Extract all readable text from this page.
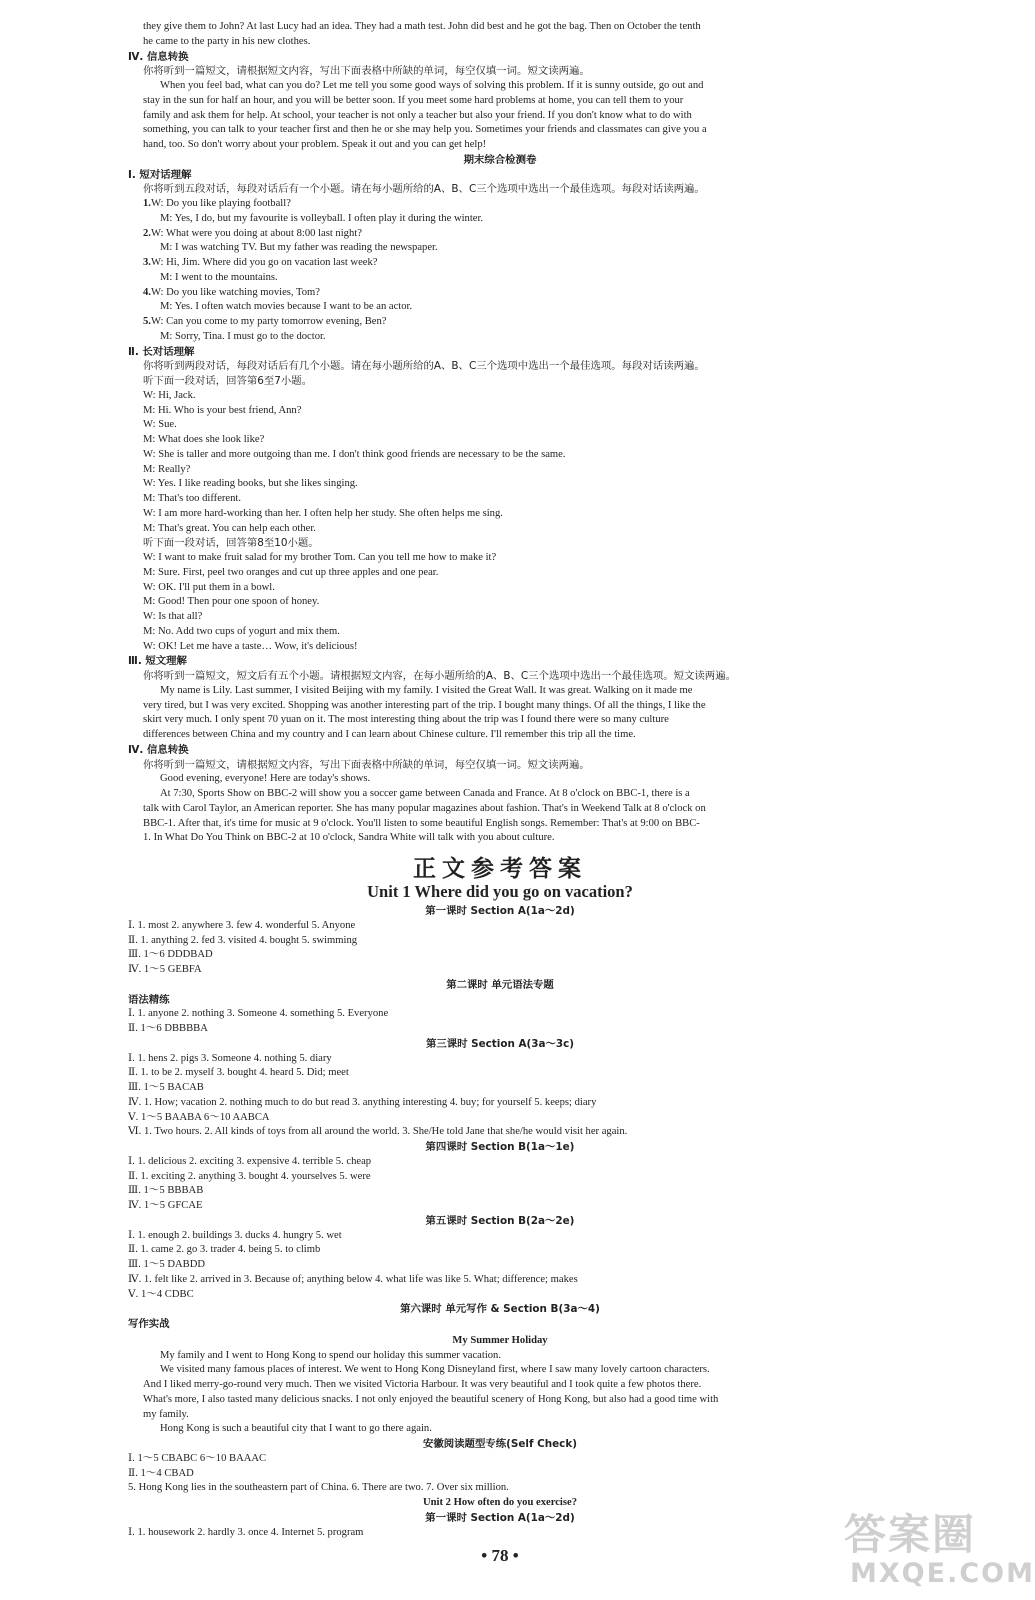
they give them to John? At last Lucy had an idea. They had a math test. John did best and he got the bag. Then on October the tenth
he came to the party in his new clothes.
Ⅳ. 信息转换
你将听到一篇短文，请根据短文内容，写出下面表格中所缺的单词，每空仅填一词。短文读两遍。
When you feel bad, what can you do? Let me tell you some good ways of solving this problem. If it is sunny outside, go out and
stay in the sun for half an hour, and you will be better soon. If you meet some hard problems at home, you can tell them to your
family and ask them for help. At school, your teacher is not only a teacher but also your friend. If you don't know what to do with
something, you can talk to your teacher first and then he or she may help you. Sometimes your friends and classmates can give you a
hand, too. So don't worry about your problem. Speak it out and you can get help!
期末综合检测卷
Ⅰ. 短对话理解
你将听到五段对话，每段对话后有一个小题。请在每小题所给的A、B、C三个选项中选出一个最佳选项。每段对话读两遍。
1.W: Do you like playing football?
M: Yes, I do, but my favourite is volleyball. I often play it during the winter.
2.W: What were you doing at about 8:00 last night?
M: I was watching TV. But my father was reading the newspaper.
3.W: Hi, Jim. Where did you go on vacation last week?
M: I went to the mountains.
4.W: Do you like watching movies, Tom?
M: Yes. I often watch movies because I want to be an actor.
5.W: Can you come to my party tomorrow evening, Ben?
M: Sorry, Tina. I must go to the doctor.
Ⅱ. 长对话理解
你将听到两段对话，每段对话后有几个小题。请在每小题所给的A、B、C三个选项中选出一个最佳选项。每段对话读两遍。
听下面一段对话，回答第6至7小题。
W: Hi, Jack.
M: Hi. Who is your best friend, Ann?
W: Sue.
M: What does she look like?
W: She is taller and more outgoing than me. I don't think good friends are necessary to be the same.
M: Really?
W: Yes. I like reading books, but she likes singing.
M: That's too different.
W: I am more hard-working than her. I often help her study. She often helps me sing.
M: That's great. You can help each other.
听下面一段对话，回答第8至10小题。
W: I want to make fruit salad for my brother Tom. Can you tell me how to make it?
M: Sure. First, peel two oranges and cut up three apples and one pear.
W: OK. I'll put them in a bowl.
M: Good! Then pour one spoon of honey.
W: Is that all?
M: No. Add two cups of yogurt and mix them.
W: OK! Let me have a taste… Wow, it's delicious!
Ⅲ. 短文理解
你将听到一篇短文，短文后有五个小题。请根据短文内容，在每小题所给的A、B、C三个选项中选出一个最佳选项。短文读两遍。
My name is Lily. Last summer, I visited Beijing with my family. I visited the Great Wall. It was great. Walking on it made me
very tired, but I was very excited. Shopping was another interesting part of the trip. I bought many things. Of all the things, I like the
skirt very much. I only spent 70 yuan on it. The most interesting thing about the trip was I found there were so many culture
differences between China and my country and I can learn about Chinese culture. I'll remember this trip all the time.
Ⅳ. 信息转换
你将听到一篇短文，请根据短文内容，写出下面表格中所缺的单词，每空仅填一词。短文读两遍。
Good evening, everyone! Here are today's shows.
At 7:30, Sports Show on BBC-2 will show you a soccer game between Canada and France. At 8 o'clock on BBC-1, there is a
talk with Carol Taylor, an American reporter. She has many popular magazines about fashion. That's in Weekend Talk at 8 o'clock on
BBC-1. After that, it's time for music at 9 o'clock. You'll listen to some beautiful English songs. Remember: That's at 9:00 on BBC-
1. In What Do You Think on BBC-2 at 10 o'clock, Sandra White will talk with you about culture.
正文参考答案
Unit 1 Where did you go on vacation?
第一课时 Section A(1a～2d)
Ⅰ. 1. most 2. anywhere 3. few 4. wonderful 5. Anyone
Ⅱ. 1. anything 2. fed 3. visited 4. bought 5. swimming
Ⅲ. 1～6 DDDBAD
Ⅳ. 1～5 GEBFA
第二课时 单元语法专题
语法精练
Ⅰ. 1. anyone 2. nothing 3. Someone 4. something 5. Everyone
Ⅱ. 1～6 DBBBBA
第三课时 Section A(3a～3c)
Ⅰ. 1. hens 2. pigs 3. Someone 4. nothing 5. diary
Ⅱ. 1. to be 2. myself 3. bought 4. heard 5. Did; meet
Ⅲ. 1～5 BACAB
Ⅳ. 1. How; vacation 2. nothing much to do but read 3. anything interesting 4. buy; for yourself 5. keeps; diary
Ⅴ. 1～5 BAABA 6～10 AABCA
Ⅵ. 1. Two hours. 2. All kinds of toys from all around the world. 3. She/He told Jane that she/he would visit her again.
第四课时 Section B(1a～1e)
Ⅰ. 1. delicious 2. exciting 3. expensive 4. terrible 5. cheap
Ⅱ. 1. exciting 2. anything 3. bought 4. yourselves 5. were
Ⅲ. 1～5 BBBAB
Ⅳ. 1～5 GFCAE
第五课时 Section B(2a～2e)
Ⅰ. 1. enough 2. buildings 3. ducks 4. hungry 5. wet
Ⅱ. 1. came 2. go 3. trader 4. being 5. to climb
Ⅲ. 1～5 DABDD
Ⅳ. 1. felt like 2. arrived in 3. Because of; anything below 4. what life was like 5. What; difference; makes
Ⅴ. 1～4 CDBC
第六课时 单元写作 & Section B(3a～4)
写作实战
My Summer Holiday
My family and I went to Hong Kong to spend our holiday this summer vacation.
We visited many famous places of interest. We went to Hong Kong Disneyland first, where I saw many lovely cartoon characters.
And I liked merry-go-round very much. Then we visited Victoria Harbour. It was very beautiful and I took quite a few photos there.
What's more, I also tasted many delicious snacks. I not only enjoyed the beautiful scenery of Hong Kong, but also had a good time with
my family.
Hong Kong is such a beautiful city that I want to go there again.
安徽阅读题型专练(Self Check)
Ⅰ. 1～5 CBABC 6～10 BAAAC
Ⅱ. 1～4 CBAD
5. Hong Kong lies in the southeastern part of China. 6. There are two. 7. Over six million.
Unit 2 How often do you exercise?
第一课时 Section A(1a～2d)
Ⅰ. 1. housework 2. hardly 3. once 4. Internet 5. program
• 78 •	答案圈
MXQE.COM
